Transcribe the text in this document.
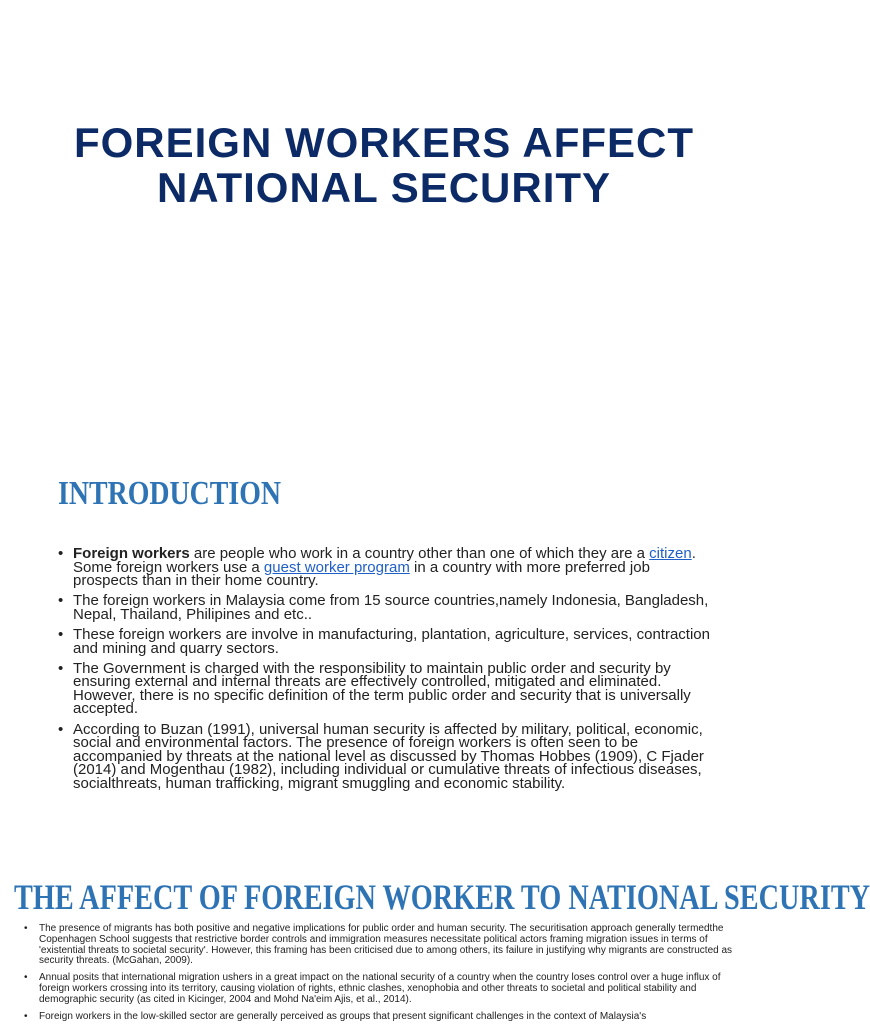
FOREIGN WORKERS AFFECT
NATIONAL SECURITY
INTRODUCTION
• Foreign workers are people who work in a country other than one of which they are a citizen. Some foreign workers use a guest worker program in a country with more preferred job prospects than in their home country.
• The foreign workers in Malaysia come from 15 source countries,namely Indonesia, Bangladesh, Nepal, Thailand, Philipines and etc..
• These foreign workers are involve in manufacturing, plantation, agriculture, services, contraction and mining and quarry sectors.
• The Government is charged with the responsibility to maintain public order and security by ensuring external and internal threats are effectively controlled, mitigated and eliminated. However, there is no specific definition of the term public order and security that is universally accepted.
• According to Buzan (1991), universal human security is affected by military, political, economic, social and environmental factors. The presence of foreign workers is often seen to be accompanied by threats at the national level as discussed by Thomas Hobbes (1909), C Fjader (2014) and Mogenthau (1982), including individual or cumulative threats of infectious diseases, socialthreats, human trafficking, migrant smuggling and economic stability.
THE AFFECT OF FOREIGN WORKER TO NATIONAL SECURITY
• The presence of migrants has both positive and negative implications for public order and human security. The securitisation approach generally termedthe Copenhagen School suggests that restrictive border controls and immigration measures necessitate political actors framing migration issues in terms of 'existential threats to societal security'. However, this framing has been criticised due to among others, its failure in justifying why migrants are constructed as security threats. (McGahan, 2009).
• Annual posits that international migration ushers in a great impact on the national security of a country when the country loses control over a huge influx of foreign workers crossing into its territory, causing violation of rights, ethnic clashes, xenophobia and other threats to societal and political stability and demographic security (as cited in Kicinger, 2004 and Mohd Na'eim Ajis, et al., 2014).
• Foreign workers in the low-skilled sector are generally perceived as groups that present significant challenges in the context of Malaysia's
